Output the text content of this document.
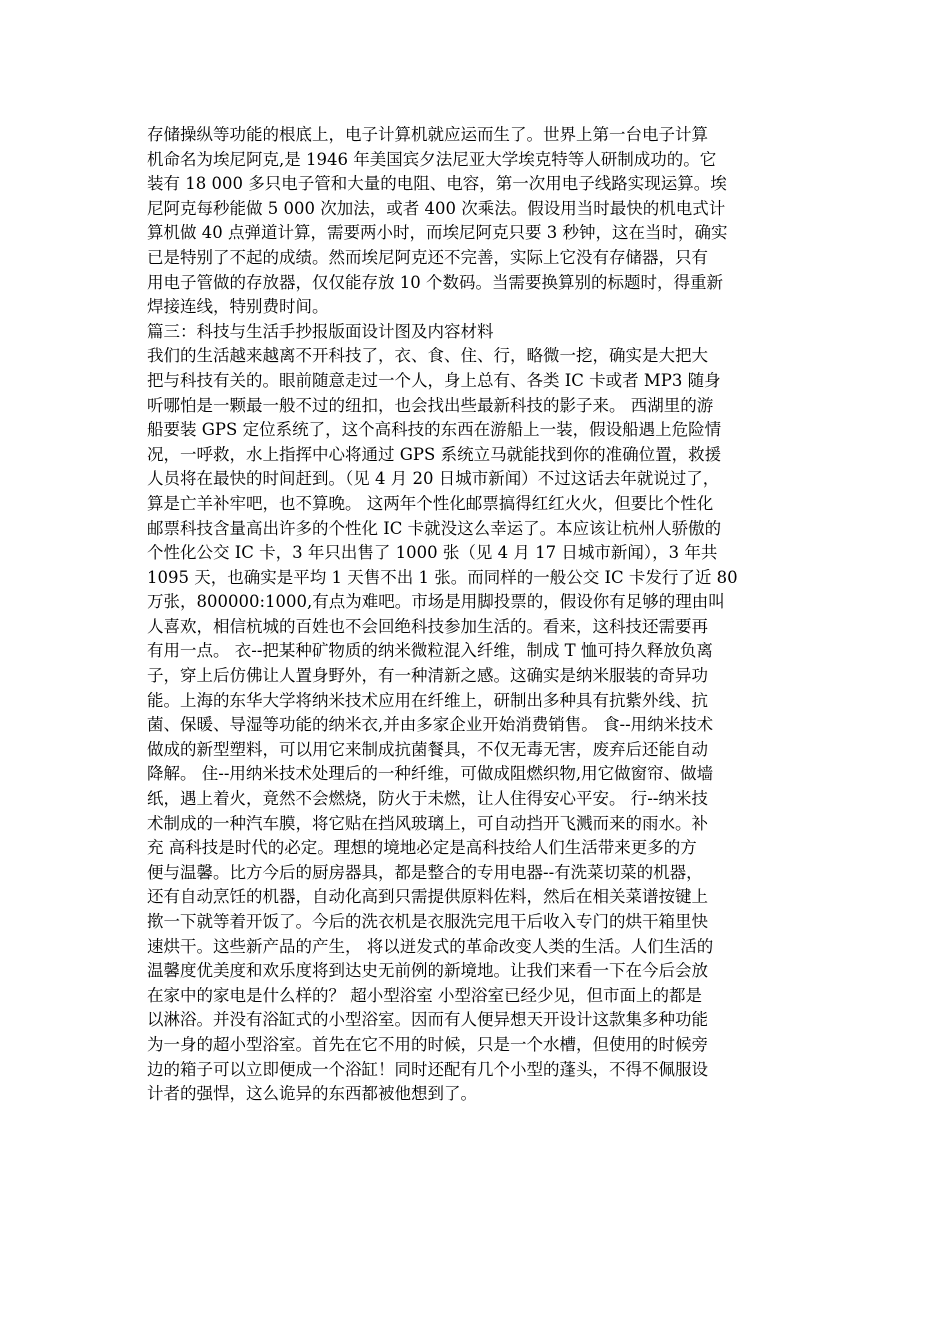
存储操纵等功能的根底上，电子计算机就应运而生了。世界上第一台电子计算
机命名为埃尼阿克,是 1946 年美国宾夕法尼亚大学埃克特等人研制成功的。它
装有 18 000 多只电子管和大量的电阻、电容，第一次用电子线路实现运算。埃
尼阿克每秒能做 5 000 次加法，或者 400 次乘法。假设用当时最快的机电式计
算机做 40 点弹道计算，需要两小时，而埃尼阿克只要 3 秒钟，这在当时，确实
已是特别了不起的成绩。然而埃尼阿克还不完善，实际上它没有存储器，只有
用电子管做的存放器，仅仅能存放 10 个数码。当需要换算别的标题时，得重新
焊接连线，特别费时间。
篇三：科技与生活手抄报版面设计图及内容材料
我们的生活越来越离不开科技了，衣、食、住、行，略微一挖，确实是大把大
把与科技有关的。眼前随意走过一个人，身上总有、各类 IC 卡或者 MP3 随身
听哪怕是一颗最一般不过的纽扣，也会找出些最新科技的影子来。 西湖里的游
船要装 GPS 定位系统了，这个高科技的东西在游船上一装，假设船遇上危险情
况，一呼救，水上指挥中心将通过 GPS 系统立马就能找到你的准确位置，救援
人员将在最快的时间赶到。（见 4 月 20 日城市新闻）不过这话去年就说过了，
算是亡羊补牢吧，也不算晚。 这两年个性化邮票搞得红红火火，但要比个性化
邮票科技含量高出许多的个性化 IC 卡就没这么幸运了。本应该让杭州人骄傲的
个性化公交 IC 卡，3 年只出售了 1000 张（见 4 月 17 日城市新闻），3 年共
1095 天，也确实是平均 1 天售不出 1 张。而同样的一般公交 IC 卡发行了近 80
万张，800000:1000,有点为难吧。市场是用脚投票的，假设你有足够的理由叫
人喜欢，相信杭城的百姓也不会回绝科技参加生活的。看来，这科技还需要再
有用一点。 衣--把某种矿物质的纳米微粒混入纤维，制成 T 恤可持久释放负离
子，穿上后仿佛让人置身野外，有一种清新之感。这确实是纳米服装的奇异功
能。上海的东华大学将纳米技术应用在纤维上，研制出多种具有抗紫外线、抗
菌、保暖、导湿等功能的纳米衣,并由多家企业开始消费销售。 食--用纳米技术
做成的新型塑料，可以用它来制成抗菌餐具，不仅无毒无害，废弃后还能自动
降解。 住--用纳米技术处理后的一种纤维，可做成阻燃织物,用它做窗帘、做墙
纸，遇上着火，竟然不会燃烧，防火于未燃，让人住得安心平安。 行--纳米技
术制成的一种汽车膜，将它贴在挡风玻璃上，可自动挡开飞溅而来的雨水。补
充 高科技是时代的必定。理想的境地必定是高科技给人们生活带来更多的方
便与温馨。比方今后的厨房器具，都是整合的专用电器--有洗菜切菜的机器，
还有自动烹饪的机器，自动化高到只需提供原料佐料，然后在相关菜谱按键上
揿一下就等着开饭了。今后的洗衣机是衣服洗完甩干后收入专门的烘干箱里快
速烘干。这些新产品的产生， 将以迸发式的革命改变人类的生活。人们生活的
温馨度优美度和欢乐度将到达史无前例的新境地。让我们来看一下在今后会放
在家中的家电是什么样的？ 超小型浴室 小型浴室已经少见，但市面上的都是
以淋浴。并没有浴缸式的小型浴室。因而有人便异想天开设计这款集多种功能
为一身的超小型浴室。首先在它不用的时候，只是一个水槽，但使用的时候旁
边的箱子可以立即便成一个浴缸！同时还配有几个小型的蓬头，不得不佩服设
计者的强悍，这么诡异的东西都被他想到了。
